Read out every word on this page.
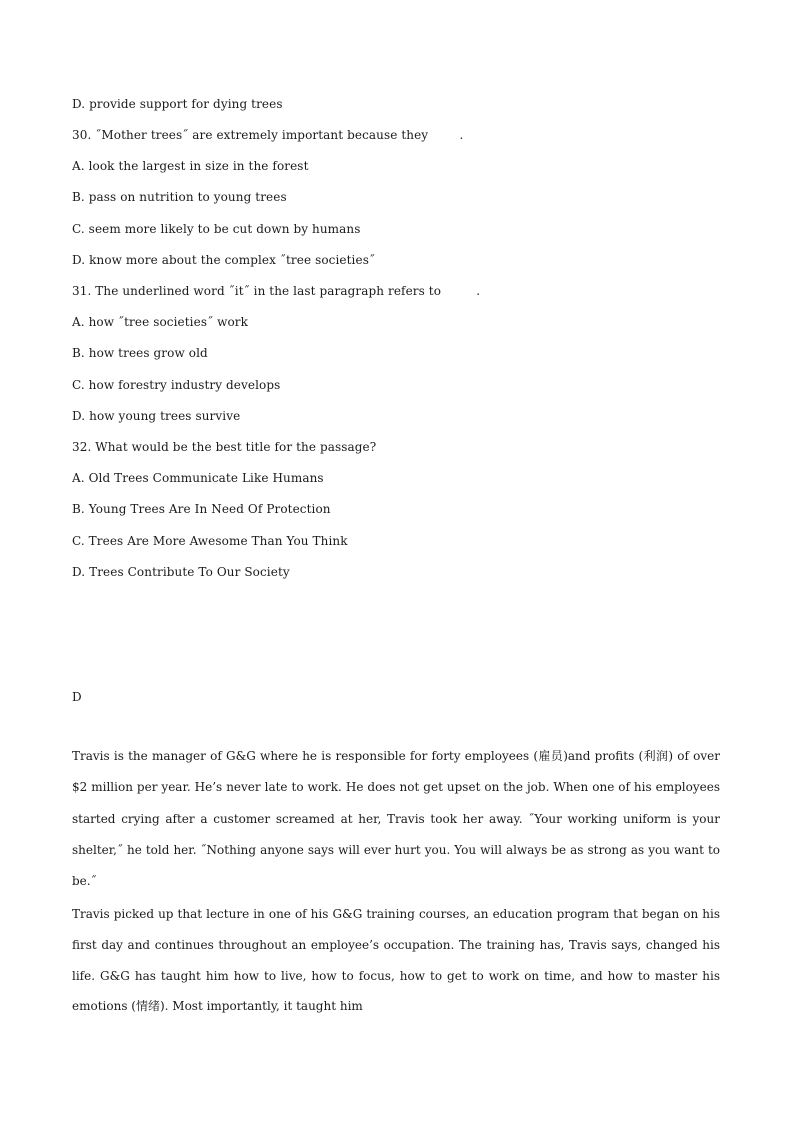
D. provide support for dying trees

30. ˝Mother trees˝ are extremely important because they        .

A. look the largest in size in the forest

B. pass on nutrition to young trees

C. seem more likely to be cut down by humans

D. know more about the complex ˝tree societies˝

31. The underlined word ˝it˝ in the last paragraph refers to         .

A. how ˝tree societies˝ work

B. how trees grow old

C. how forestry industry develops

D. how young trees survive

32. What would be the best title for the passage?

A. Old Trees Communicate Like Humans

B. Young Trees Are In Need Of Protection

C. Trees Are More Awesome Than You Think

D. Trees Contribute To Our Society

D

Travis is the manager of G&G where he is responsible for forty employees (雇员)and profits (利润) of over $2 million per year. He’s never late to work. He does not get upset on the job. When one of his employees started crying after a customer screamed at her, Travis took her away. ˝Your working uniform is your shelter,˝ he told her. ˝Nothing anyone says will ever hurt you. You will always be as strong as you want to be.˝

Travis picked up that lecture in one of his G&G training courses, an education program that began on his first day and continues throughout an employee’s occupation. The training has, Travis says, changed his life. G&G has taught him how to live, how to focus, how to get to work on time, and how to master his emotions (情绪). Most importantly, it taught him
